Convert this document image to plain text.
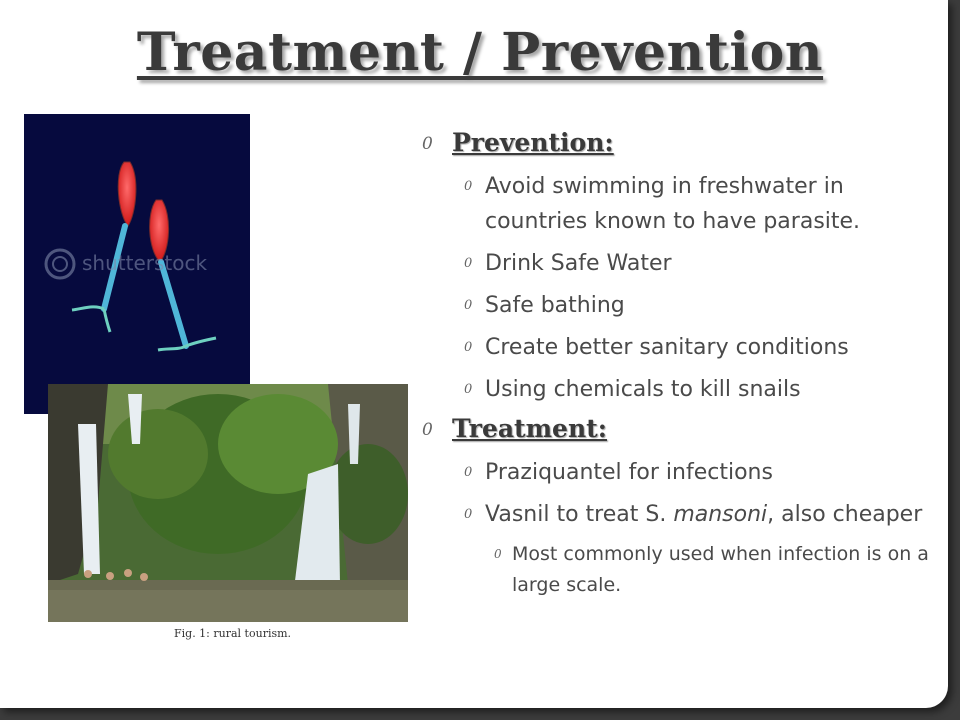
Treatment / Prevention
shutterstock
Fig. 1: rural tourism.
0 Prevention:
0 Avoid swimming in freshwater in countries known to have parasite.
0 Drink Safe Water
0 Safe bathing
0 Create better sanitary conditions
0 Using chemicals to kill snails
0 Treatment:
0 Praziquantel for infections
0 Vasnil to treat S. mansoni, also cheaper
0 Most commonly used when infection is on a large scale.
